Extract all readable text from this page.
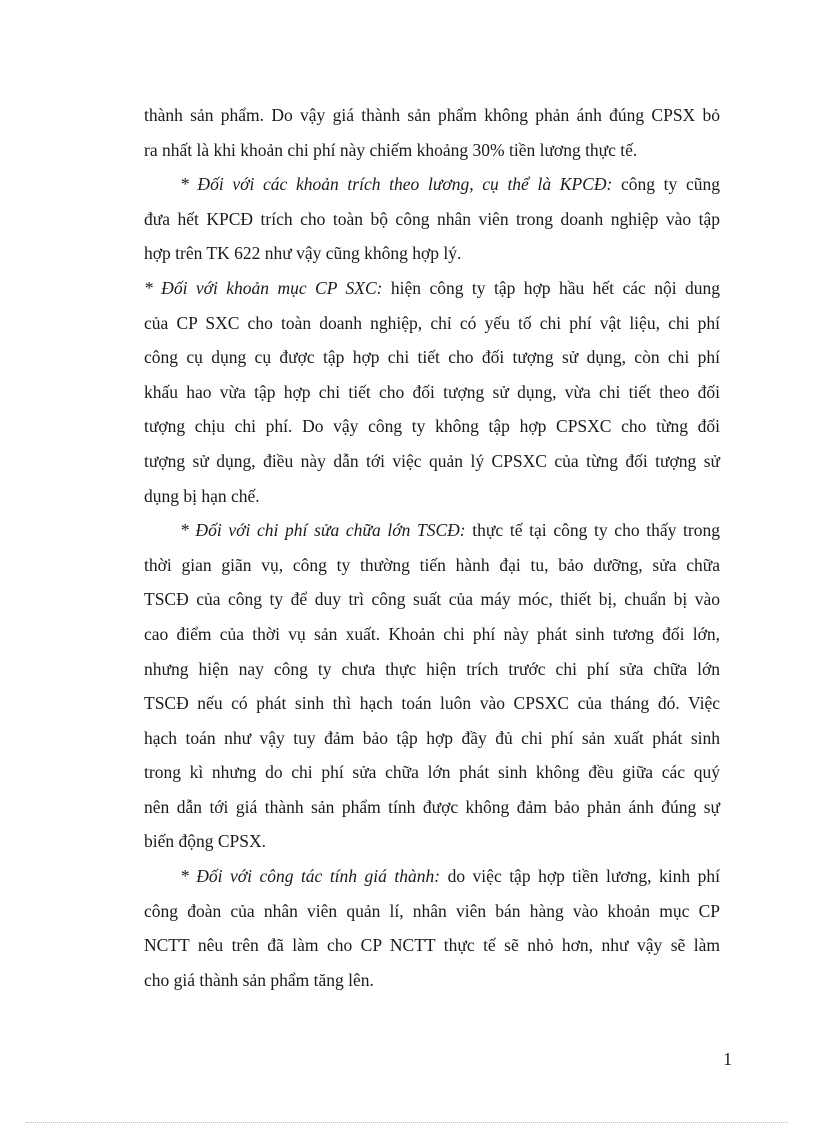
thành sản phẩm. Do vậy giá thành sản phẩm không phản ánh đúng CPSX bỏ
ra nhất là khi khoản chi phí này chiếm khoảng 30% tiền lương thực tế.

* Đối với các khoản trích theo lương, cụ thể là KPCĐ: công ty cũng
đưa hết KPCĐ trích cho toàn bộ công nhân viên trong doanh nghiệp vào tập
hợp trên TK 622 như vậy cũng không hợp lý.

* Đối với khoản mục CP SXC: hiện công ty tập hợp hầu hết các nội dung
của CP SXC cho toàn doanh nghiệp, chỉ có yếu tố chi phí vật liệu, chi phí
công cụ dụng cụ được tập hợp chi tiết cho đối tượng sử dụng, còn chi phí
khấu hao vừa tập hợp chi tiết cho đối tượng sử dụng, vừa chi tiết theo đối
tượng chịu chi phí. Do vậy công ty không tập hợp CPSXC cho từng đối
tượng sử dụng, điều này dẫn tới việc quản lý CPSXC của từng đối tượng sử
dụng bị hạn chế.

* Đối với chi phí sửa chữa lớn TSCĐ: thực tế tại công ty cho thấy trong
thời gian giãn vụ, công ty thường tiến hành đại tu, bảo dưỡng, sửa chữa
TSCĐ của công ty để duy trì công suất của máy móc, thiết bị, chuẩn bị vào
cao điểm của thời vụ sản xuất. Khoản chi phí này phát sinh tương đối lớn,
nhưng hiện nay công ty chưa thực hiện trích trước chi phí sửa chữa lớn
TSCĐ nếu có phát sinh thì hạch toán luôn vào CPSXC của tháng đó. Việc
hạch toán như vậy tuy đảm bảo tập hợp đầy đủ chi phí sản xuất phát sinh
trong kì nhưng do chi phí sửa chữa lớn phát sinh không đều giữa các quý
nên dẫn tới giá thành sản phẩm tính được không đảm bảo phản ánh đúng sự
biến động CPSX.

* Đối với công tác tính giá thành: do việc tập hợp tiền lương, kinh phí
công đoàn của nhân viên quản lí, nhân viên bán hàng vào khoản mục CP
NCTT nêu trên đã làm cho CP NCTT thực tế sẽ nhỏ hơn, như vậy sẽ làm
cho giá thành sản phẩm tăng lên.

1
